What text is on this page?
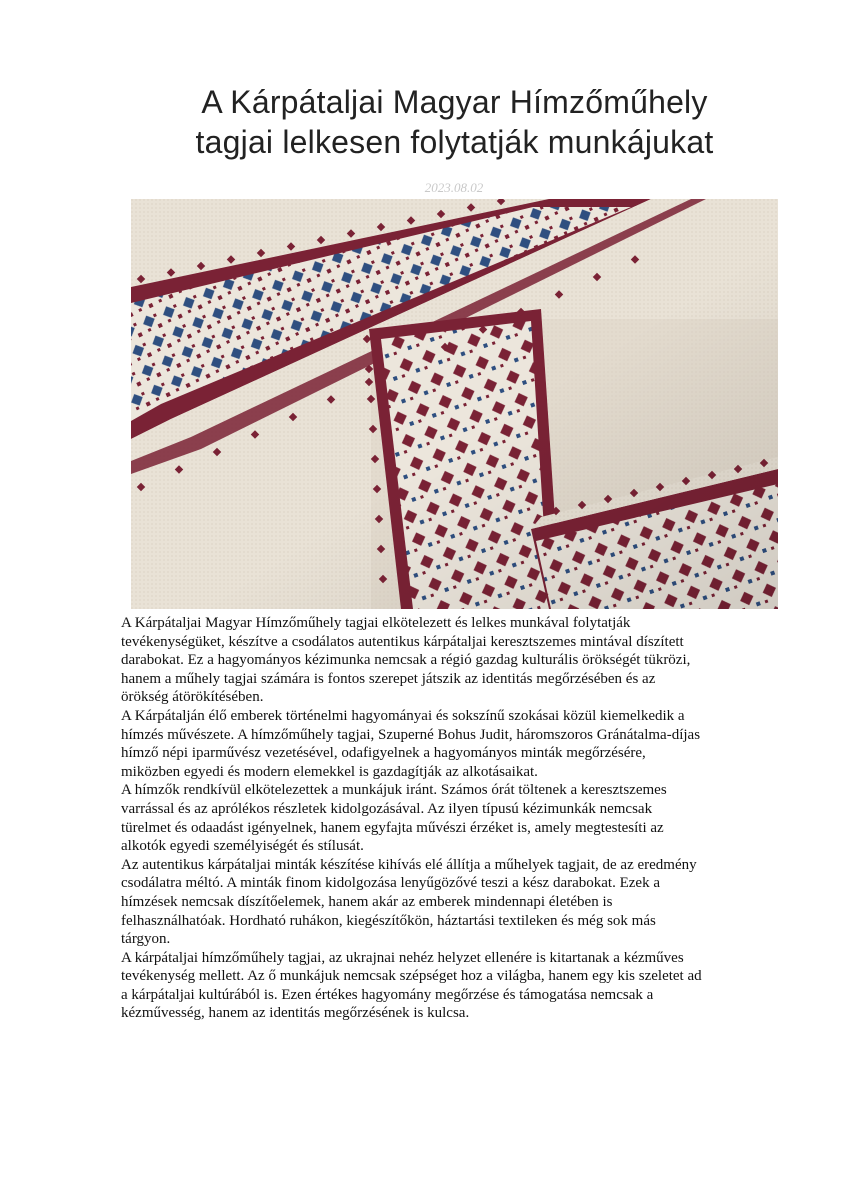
A Kárpátaljai Magyar Hímzőműhely
tagjai lelkesen folytatják munkájukat
2023.08.02

A Kárpátaljai Magyar Hímzőműhely tagjai elkötelezett és lelkes munkával folytatják
tevékenységüket, készítve a csodálatos autentikus kárpátaljai keresztszemes mintával díszített
darabokat. Ez a hagyományos kézimunka nemcsak a régió gazdag kulturális örökségét tükrözi,
hanem a műhely tagjai számára is fontos szerepet játszik az identitás megőrzésében és az
örökség átörökítésében.

A Kárpátalján élő emberek történelmi hagyományai és sokszínű szokásai közül kiemelkedik a
hímzés művészete. A hímzőműhely tagjai, Szuperné Bohus Judit, háromszoros Gránátalma-díjas
hímző népi iparművész vezetésével, odafigyelnek a hagyományos minták megőrzésére,
miközben egyedi és modern elemekkel is gazdagítják az alkotásaikat.

A hímzők rendkívül elkötelezettek a munkájuk iránt. Számos órát töltenek a keresztszemes
varrással és az aprólékos részletek kidolgozásával. Az ilyen típusú kézimunkák nemcsak
türelmet és odaadást igényelnek, hanem egyfajta művészi érzéket is, amely megtestesíti az
alkotók egyedi személyiségét és stílusát.

Az autentikus kárpátaljai minták készítése kihívás elé állítja a műhelyek tagjait, de az eredmény
csodálatra méltó. A minták finom kidolgozása lenyűgözővé teszi a kész darabokat. Ezek a
hímzések nemcsak díszítőelemek, hanem akár az emberek mindennapi életében is
felhasználhatóak. Hordható ruhákon, kiegészítőkön, háztartási textileken és még sok más
tárgyon.

A kárpátaljai hímzőműhely tagjai, az ukrajnai nehéz helyzet ellenére is kitartanak a kézműves
tevékenység mellett. Az ő munkájuk nemcsak szépséget hoz a világba, hanem egy kis szeletet ad
a kárpátaljai kultúrából is. Ezen értékes hagyomány megőrzése és támogatása nemcsak a
kézművesség, hanem az identitás megőrzésének is kulcsa.
